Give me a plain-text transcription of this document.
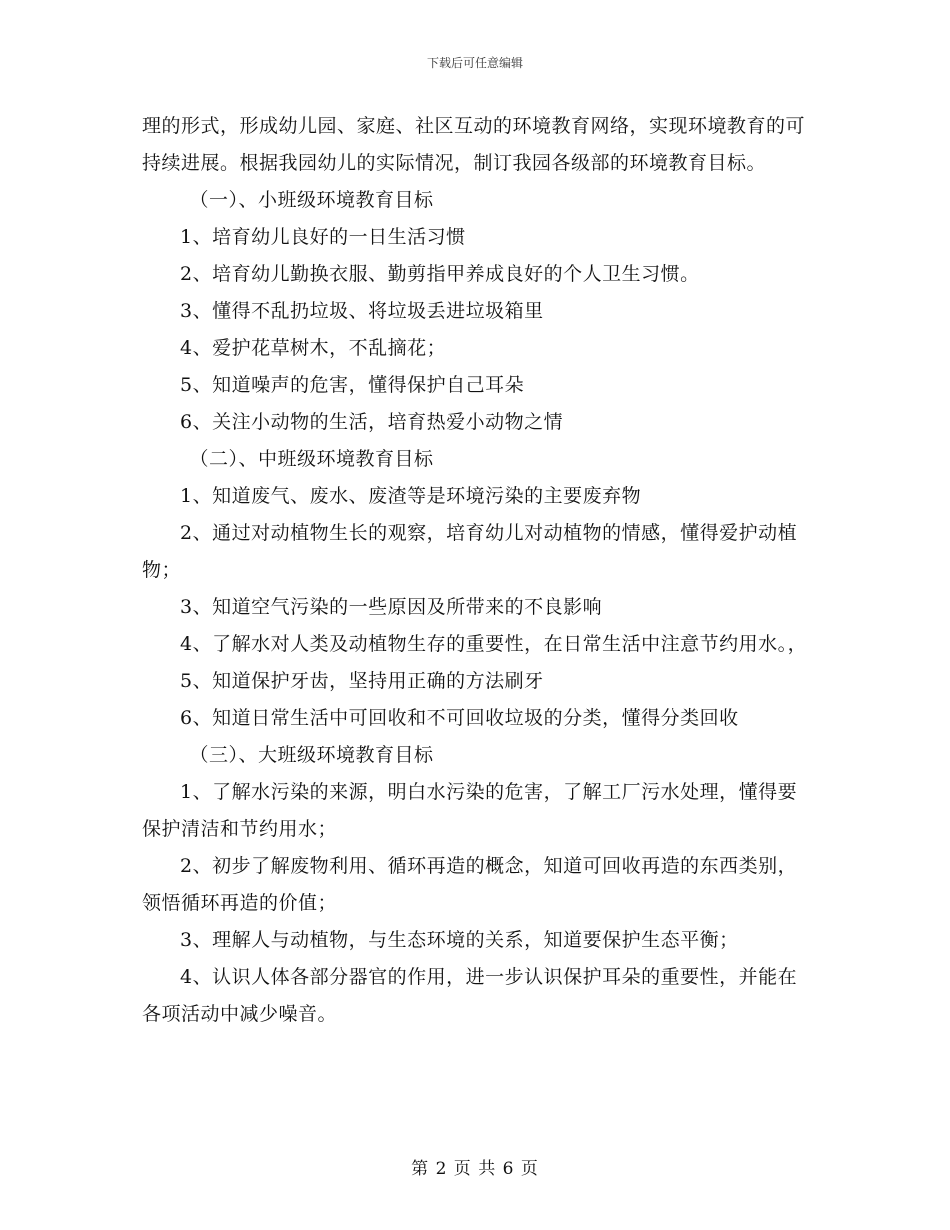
下载后可任意编辑

理的形式，形成幼儿园、家庭、社区互动的环境教育网络，实现环境教育的可持续进展。根据我园幼儿的实际情况，制订我园各级部的环境教育目标。

（一）、小班级环境教育目标

1、培育幼儿良好的一日生活习惯

2、培育幼儿勤换衣服、勤剪指甲养成良好的个人卫生习惯。

3、懂得不乱扔垃圾、将垃圾丢进垃圾箱里

4、爱护花草树木，不乱摘花；

5、知道噪声的危害，懂得保护自己耳朵

6、关注小动物的生活，培育热爱小动物之情

（二）、中班级环境教育目标

1、知道废气、废水、废渣等是环境污染的主要废弃物

2、通过对动植物生长的观察，培育幼儿对动植物的情感，懂得爱护动植物；

3、知道空气污染的一些原因及所带来的不良影响

4、了解水对人类及动植物生存的重要性，在日常生活中注意节约用水。，

5、知道保护牙齿，坚持用正确的方法刷牙

6、知道日常生活中可回收和不可回收垃圾的分类，懂得分类回收

（三）、大班级环境教育目标

1、了解水污染的来源，明白水污染的危害，了解工厂污水处理，懂得要保护清洁和节约用水；

2、初步了解废物利用、循环再造的概念，知道可回收再造的东西类别，领悟循环再造的价值；

3、理解人与动植物，与生态环境的关系，知道要保护生态平衡；

4、认识人体各部分器官的作用，进一步认识保护耳朵的重要性，并能在各项活动中减少噪音。

第 2 页 共 6 页
